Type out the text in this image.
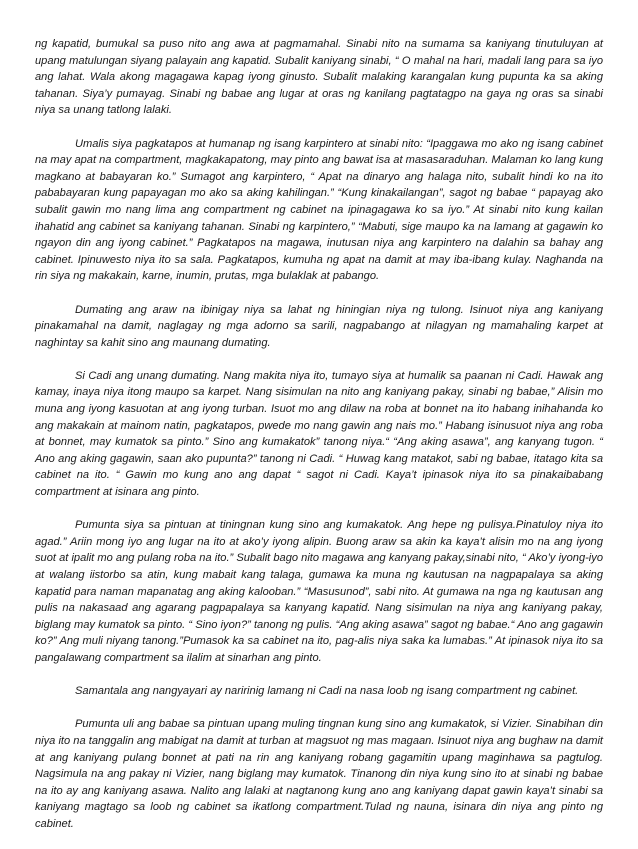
ng kapatid, bumukal sa puso nito ang awa at pagmamahal. Sinabi nito na sumama sa kaniyang tinutuluyan at upang matulungan siyang palayain ang kapatid. Subalit kaniyang sinabi, “ O mahal na hari, madali lang para sa iyo ang lahat. Wala akong magagawa kapag iyong ginusto. Subalit malaking karangalan kung pupunta ka sa aking tahanan. Siya’y pumayag. Sinabi ng babae ang lugar at oras ng kanilang pagtatagpo na gaya ng oras sa sinabi niya sa unang tatlong lalaki.

Umalis siya pagkatapos at humanap ng isang karpintero at sinabi nito: “Ipaggawa mo ako ng isang cabinet na may apat na compartment, magkakapatong, may pinto ang bawat isa at masasaraduhan. Malaman ko lang kung magkano at babayaran ko.” Sumagot ang karpintero, “ Apat na dinaryo ang halaga nito, subalit hindi ko na ito pababayaran kung papayagan mo ako sa aking kahilingan.” “Kung kinakailangan”, sagot ng babae “ papayag ako subalit gawin mo nang lima ang compartment ng cabinet na ipinagagawa ko sa iyo.” At sinabi nito kung kailan ihahatid ang cabinet sa kaniyang tahanan. Sinabi ng karpintero,” “Mabuti, sige maupo ka na lamang at gagawin ko ngayon din ang iyong cabinet.” Pagkatapos na magawa, inutusan niya ang karpintero na dalahin sa bahay ang cabinet. Ipinuwesto niya ito sa sala. Pagkatapos, kumuha ng apat na damit at may iba-ibang kulay. Naghanda na rin siya ng makakain, karne, inumin, prutas, mga bulaklak at pabango.

Dumating ang araw na ibinigay niya sa lahat ng hiningian niya ng tulong. Isinuot niya ang kaniyang pinakamahal na damit, naglagay ng mga adorno sa sarili, nagpabango at nilagyan ng mamahaling karpet at naghintay sa kahit sino ang maunang dumating.

Si Cadi ang unang dumating. Nang makita niya ito, tumayo siya at humalik sa paanan ni Cadi. Hawak ang kamay, inaya niya itong maupo sa karpet. Nang sisimulan na nito ang kaniyang pakay, sinabi ng babae,” Alisin mo muna ang iyong kasuotan at ang iyong turban. Isuot mo ang dilaw na roba at bonnet na ito habang inihahanda ko ang makakain at mainom natin, pagkatapos, pwede mo nang gawin ang nais mo.” Habang isinusuot niya ang roba at bonnet, may kumatok sa pinto.” Sino ang kumakatok” tanong niya.“ “Ang aking asawa”, ang kanyang tugon. “ Ano ang aking gagawin, saan ako pupunta?” tanong ni Cadi. “ Huwag kang matakot, sabi ng babae, itatago kita sa cabinet na ito. “ Gawin mo kung ano ang dapat “ sagot ni Cadi. Kaya’t ipinasok niya ito sa pinakaibabang compartment at isinara ang pinto.

Pumunta siya sa pintuan at tiningnan kung sino ang kumakatok. Ang hepe ng pulisya.Pinatuloy niya ito agad.” Ariin mong iyo ang lugar na ito at ako’y iyong alipin. Buong araw sa akin ka kaya’t alisin mo na ang iyong suot at ipalit mo ang pulang roba na ito.” Subalit bago nito magawa ang kanyang pakay,sinabi nito, “ Ako’y iyong-iyo at walang iistorbo sa atin, kung mabait kang talaga, gumawa ka muna ng kautusan na nagpapalaya sa aking kapatid para naman mapanatag ang aking kalooban.” “Masusunod”, sabi nito. At gumawa na nga ng kautusan ang pulis na nakasaad ang agarang pagpapalaya sa kanyang kapatid. Nang sisimulan na niya ang kaniyang pakay, biglang may kumatok sa pinto. “ Sino iyon?” tanong ng pulis. “Ang aking asawa” sagot ng babae.“ Ano ang gagawin ko?” Ang muli niyang tanong.”Pumasok ka sa cabinet na ito, pag-alis niya saka ka lumabas.” At ipinasok niya ito sa pangalawang compartment sa ilalim at sinarhan ang pinto.

Samantala ang nangyayari ay naririnig lamang ni Cadi na nasa loob ng isang compartment ng cabinet.

Pumunta uli ang babae sa pintuan upang muling tingnan kung sino ang kumakatok, si Vizier. Sinabihan din niya ito na tanggalin ang mabigat na damit at turban at magsuot ng mas magaan. Isinuot niya ang bughaw na damit at ang kaniyang pulang bonnet at pati na rin ang kaniyang robang gagamitin upang maginhawa sa pagtulog. Nagsimula na ang pakay ni Vizier, nang biglang may kumatok. Tinanong din niya kung sino ito at sinabi ng babae na ito ay ang kaniyang asawa. Nalito ang lalaki at nagtanong kung ano ang kaniyang dapat gawin kaya’t sinabi sa kaniyang magtago sa loob ng cabinet sa ikatlong compartment.Tulad ng nauna, isinara din niya ang pinto ng cabinet.
